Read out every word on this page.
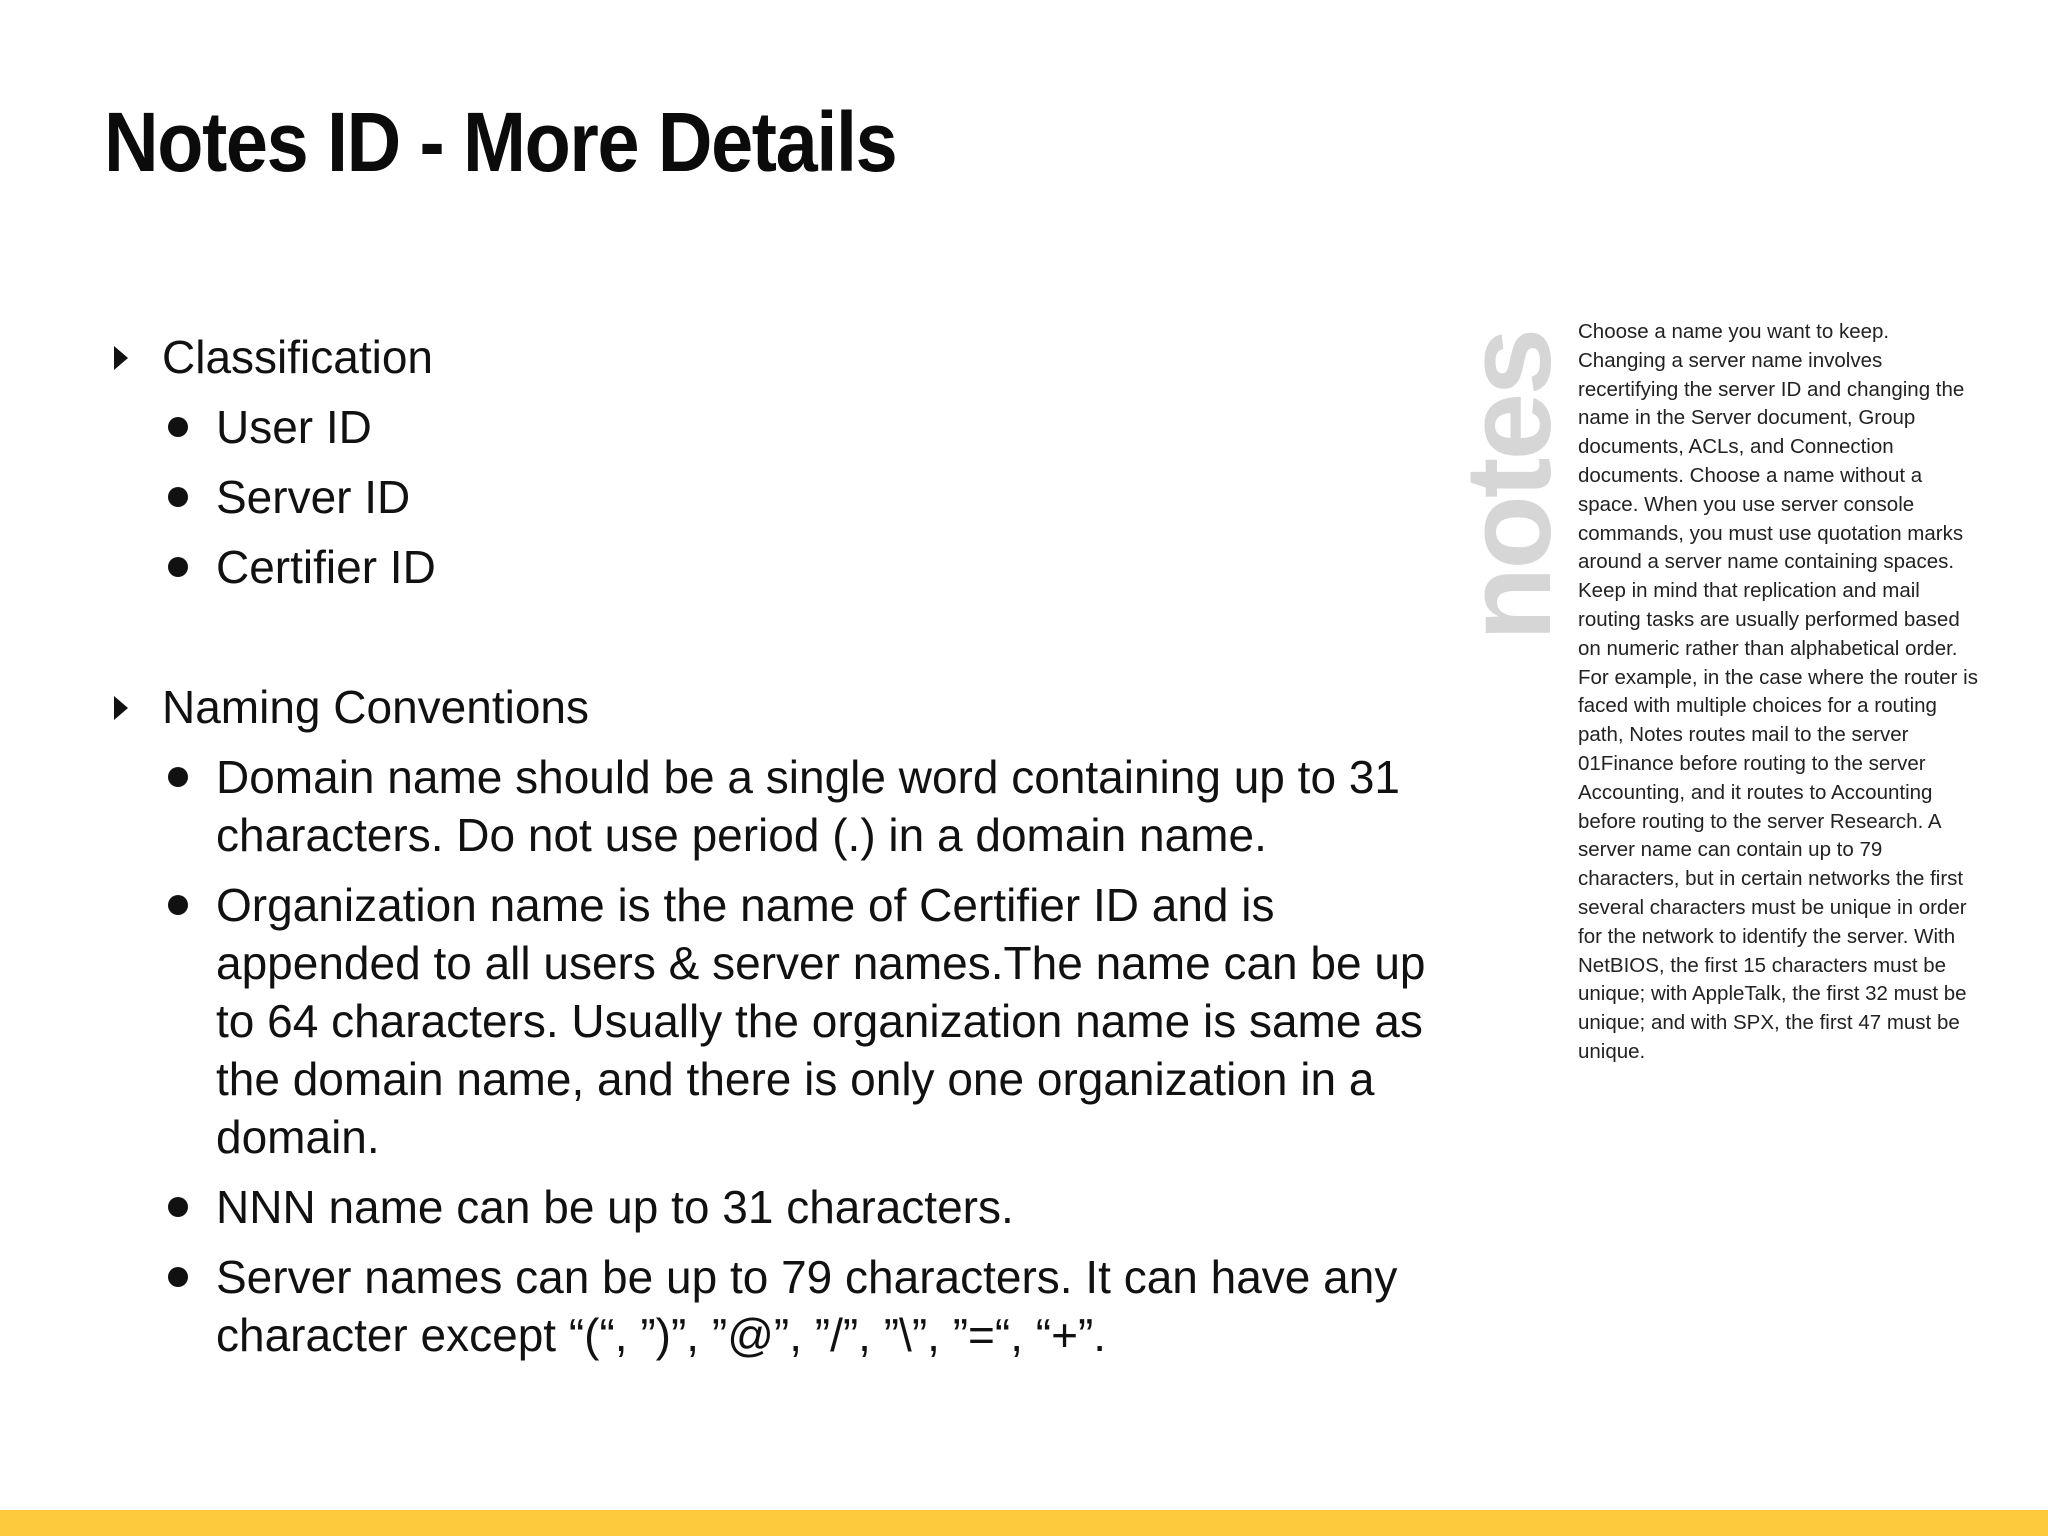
Notes ID - More Details
Classification
User ID
Server ID
Certifier ID
Naming Conventions
Domain name should be a single word containing up to 31 characters. Do not use period (.) in a domain name.
Organization name is the name of Certifier ID and is appended to all users & server names.The name can be up to 64 characters. Usually the organization name is same as the domain name, and there is only one organization in a domain.
NNN name can be up to 31 characters.
Server names can be up to 79 characters. It can have any character except “(“, ”)”, ”@”, ”/”, ”\”, ”=“, “+”.
notes Choose a name you want to keep. Changing a server name involves recertifying the server ID and changing the name in the Server document, Group documents, ACLs, and Connection documents. Choose a name without a space. When you use server console commands, you must use quotation marks around a server name containing spaces. Keep in mind that replication and mail routing tasks are usually performed based on numeric rather than alphabetical order. For example, in the case where the router is faced with multiple choices for a routing path, Notes routes mail to the server 01Finance before routing to the server Accounting, and it routes to Accounting before routing to the server Research. A server name can contain up to 79 characters, but in certain networks the first several characters must be unique in order for the network to identify the server. With NetBIOS, the first 15 characters must be unique; with AppleTalk, the first 32 must be unique; and with SPX, the first 47 must be unique.
